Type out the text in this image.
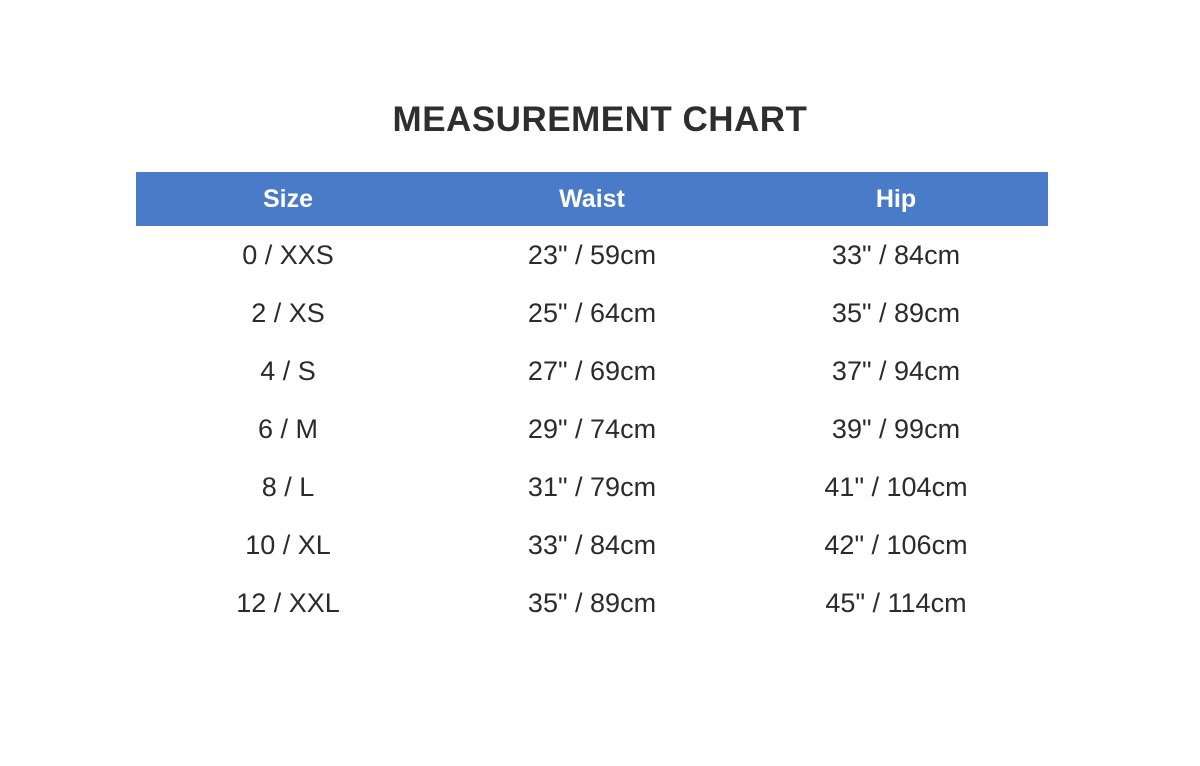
MEASUREMENT CHART
Size	Waist	Hip
0 / XXS	23" / 59cm	33" / 84cm
2 / XS	25" / 64cm	35" / 89cm
4 / S	27" / 69cm	37" / 94cm
6 / M	29" / 74cm	39" / 99cm
8 / L	31" / 79cm	41" / 104cm
10 / XL	33" / 84cm	42" / 106cm
12 / XXL	35" / 89cm	45" / 114cm
